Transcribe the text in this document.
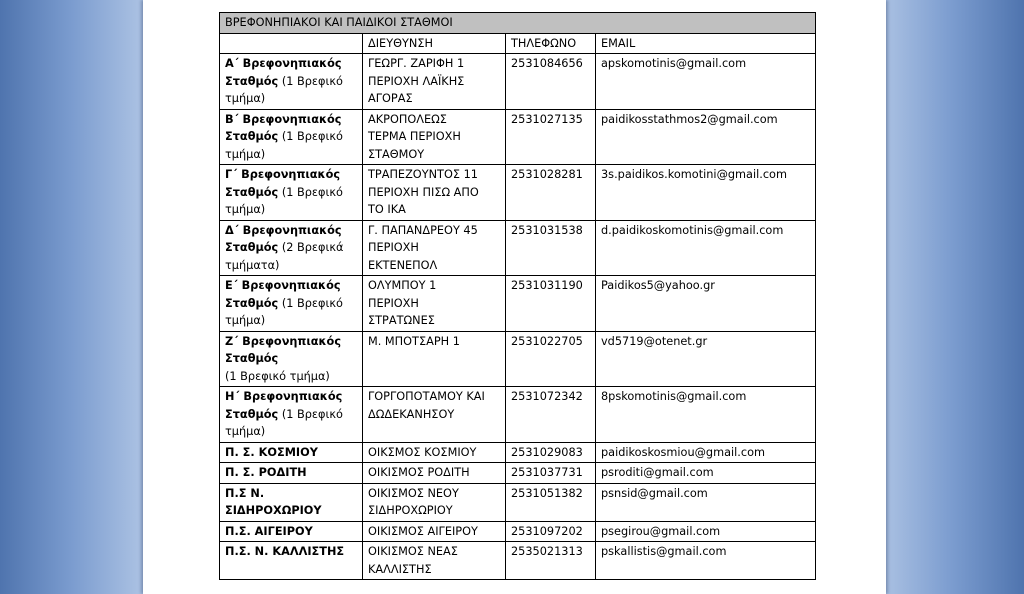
ΒΡΕΦΟΝΗΠΙΑΚΟΙ ΚΑΙ ΠΑΙΔΙΚΟΙ ΣΤΑΘΜΟΙ			
	ΔΙΕΥΘΥΝΣΗ	ΤΗΛΕΦΩΝΟ	EMAIL
Α΄ Βρεφονηπιακός Σταθμός (1 Βρεφικό τμήμα)	ΓΕΩΡΓ. ΖΑΡΙΦΗ 1
ΠΕΡΙΟΧΗ ΛΑΪΚΗΣ
ΑΓΟΡΑΣ	2531084656	apskomotinis@gmail.com
Β΄ Βρεφονηπιακός Σταθμός (1 Βρεφικό τμήμα)	ΑΚΡΟΠΟΛΕΩΣ
ΤΕΡΜΑ ΠΕΡΙΟΧΗ
ΣΤΑΘΜΟΥ	2531027135	paidikosstathmos2@gmail.com
Γ΄ Βρεφονηπιακός Σταθμός (1 Βρεφικό τμήμα)	ΤΡΑΠΕΖΟΥΝΤΟΣ 11
ΠΕΡΙΟΧΗ ΠΙΣΩ ΑΠΟ
ΤΟ ΙΚΑ	2531028281	3s.paidikos.komotini@gmail.com
Δ΄ Βρεφονηπιακός Σταθμός (2 Βρεφικά τμήματα)	Γ. ΠΑΠΑΝΔΡΕΟΥ 45
ΠΕΡΙΟΧΗ
ΕΚΤΕΝΕΠΟΛ	2531031538	d.paidikoskomotinis@gmail.com
Ε΄ Βρεφονηπιακός Σταθμός (1 Βρεφικό τμήμα)	ΟΛΥΜΠΟΥ 1
ΠΕΡΙΟΧΗ
ΣΤΡΑΤΩΝΕΣ	2531031190	Paidikos5@yahoo.gr
Ζ΄ Βρεφονηπιακός Σταθμός
(1 Βρεφικό τμήμα)	Μ. ΜΠΟΤΣΑΡΗ 1	2531022705	vd5719@otenet.gr
Η΄ Βρεφονηπιακός Σταθμός (1 Βρεφικό τμήμα)	ΓΟΡΓΟΠΟΤΑΜΟΥ ΚΑΙ
ΔΩΔΕΚΑΝΗΣΟΥ	2531072342	8pskomotinis@gmail.com
Π. Σ. ΚΟΣΜΙΟΥ	ΟΙΚΣΜΟΣ ΚΟΣΜΙΟΥ	2531029083	paidikoskosmiou@gmail.com
Π. Σ. ΡΟΔΙΤΗ	ΟΙΚΙΣΜΟΣ ΡΟΔΙΤΗ	2531037731	psroditi@gmail.com
Π.Σ Ν. ΣΙΔΗΡΟΧΩΡΙΟΥ	ΟΙΚΙΣΜΟΣ ΝΕΟΥ
ΣΙΔΗΡΟΧΩΡΙΟΥ	2531051382	psnsid@gmail.com
Π.Σ. ΑΙΓΕΙΡΟΥ	ΟΙΚΙΣΜΟΣ ΑΙΓΕΙΡΟΥ	2531097202	psegirou@gmail.com
Π.Σ. Ν. ΚΑΛΛΙΣΤΗΣ	ΟΙΚΙΣΜΟΣ ΝΕΑΣ
ΚΑΛΛΙΣΤΗΣ	2535021313	pskallistis@gmail.com
